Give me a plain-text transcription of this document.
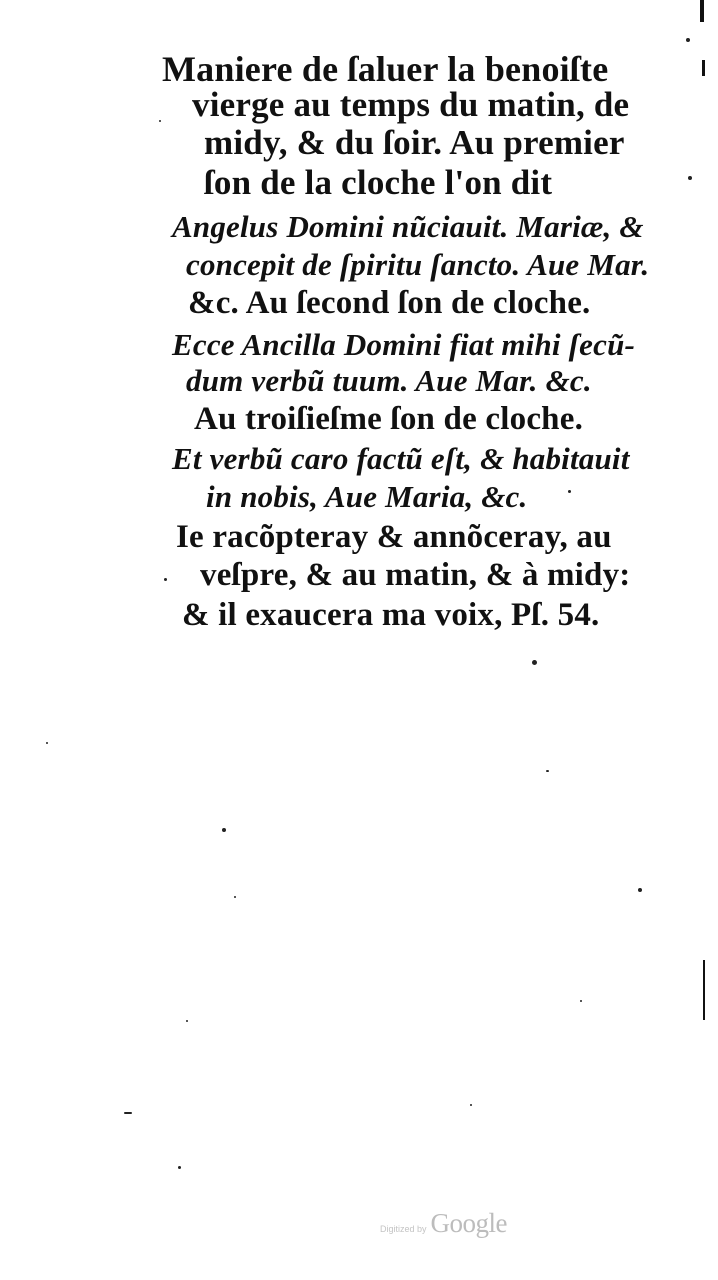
Maniere de ſaluer la benoiſte
vierge au temps du matin, de
midy, & du ſoir. Au premier
ſon de la cloche l'on dit
Angelus Domini nũciauit. Mariæ, &
concepit de ſpiritu ſancto. Aue Mar.
&c. Au ſecond ſon de cloche.
Ecce Ancilla Domini fiat mihi ſecũ-
dum verbũ tuum. Aue Mar. &c.
Au troiſieſme ſon de cloche.
Et verbũ caro factũ eſt, & habitauit
in nobis, Aue Maria, &c.
Ie racõpteray & annõceray, au
veſpre, & au matin, & à midy:
& il exaucera ma voix, Pſ. 54.
Digitized by Google
